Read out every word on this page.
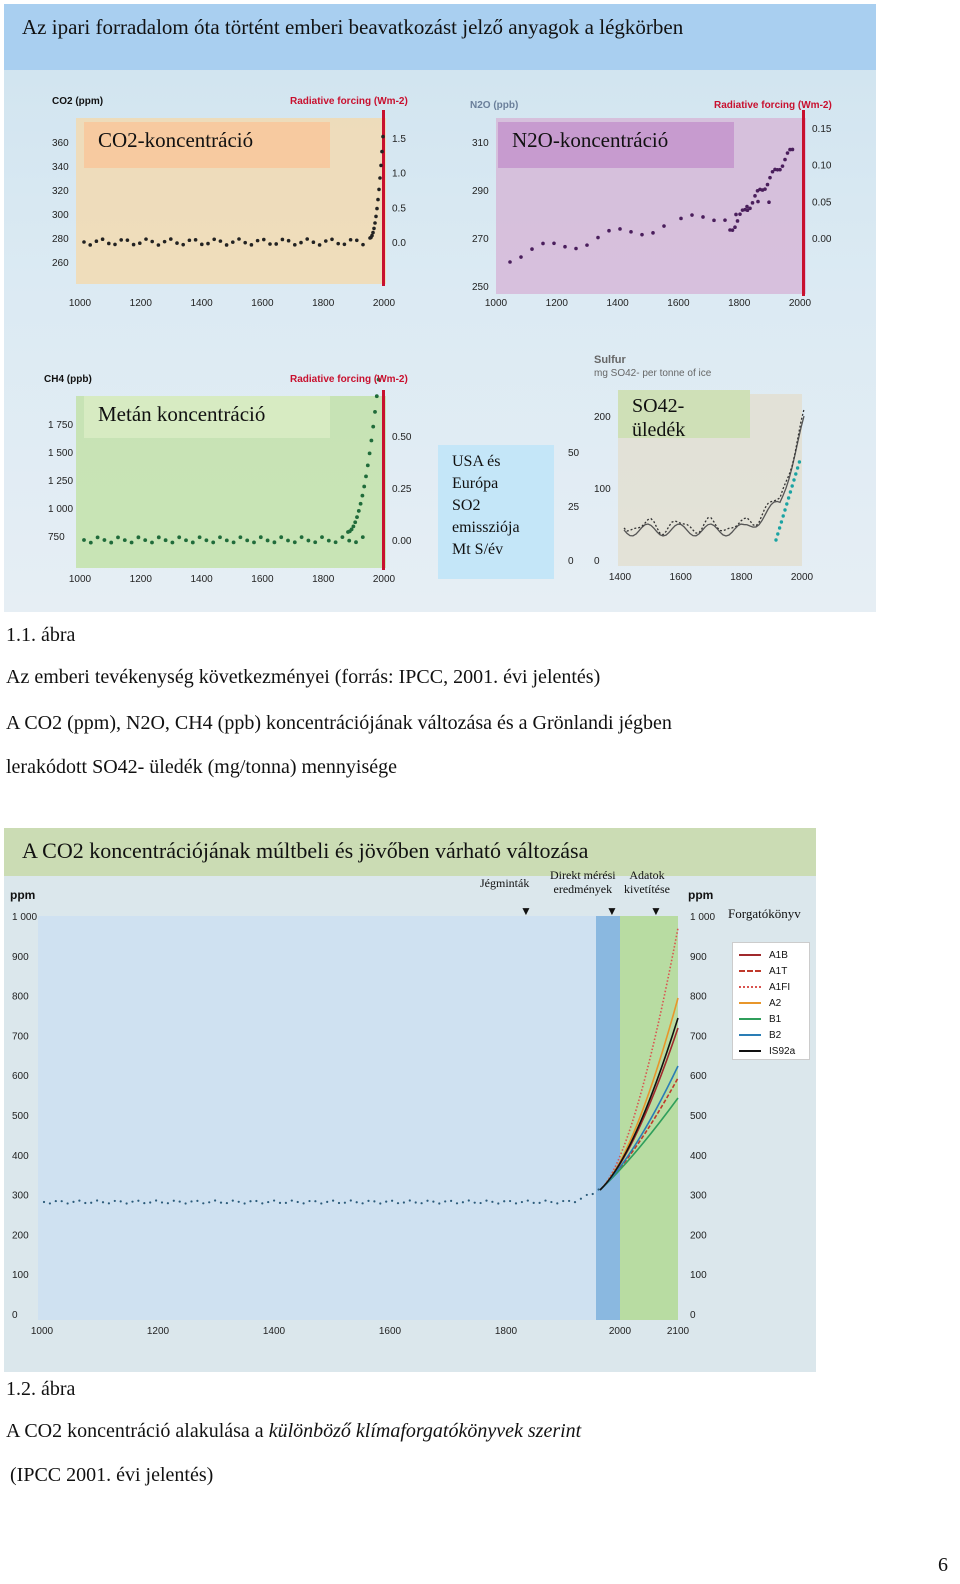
Az ipari forradalom óta történt emberi beavatkozást jelző anyagok a légkörben
360
340
320
300
280
260
1.5
1.0
0.5
0.0
1000	1200	1400	1600	1800	2000
CO2 (ppm)	Radiative forcing (Wm-2)
CO2-koncentráció	310
290
270
250
0.15
0.10
0.05
0.00
1000	1200	1400	1600	1800	2000
N2O (ppb)	Radiative forcing (Wm-2)
N2O-koncentráció
1 750
1 500
1 250
1 000
750
0.50
0.25
0.00
1000	1200	1400	1600	1800	2000
CH4 (ppb)	Radiative forcing (Wm-2)
Metán koncentráció
USA és
Európa
SO2
emissziója
Mt S/év
50
25
0
200
100
0
1400	1600	1800	2000
Sulfur
mg SO42- per tonne of ice
SO42-
üledék
1.1. ábra
Az emberi tevékenység következményei (forrás: IPCC, 2001. évi jelentés)
A CO2 (ppm), N2O, CH4 (ppb) koncentrációjának változása és a Grönlandi jégben
lerakódott SO42- üledék (mg/tonna) mennyisége
A CO2 koncentrációjának múltbeli és jövőben várható változása
1 000
900
800
700
600
500
400
300
200
100
0
1 000
900
800
700
600
500
400
300
200
100
0
1000	1200	1400	1600	1800	2000	2100
Jégminták
Direkt mérési
eredmények
Adatok
kivetítése
▼	▼	▼
ppm	ppm
Forgatókönyv
A1B
A1T
A1FI
A2
B1
B2
IS92a
1.2. ábra
A CO2 koncentráció alakulása a különböző klímaforgatókönyvek szerint
(IPCC 2001. évi jelentés)
6
